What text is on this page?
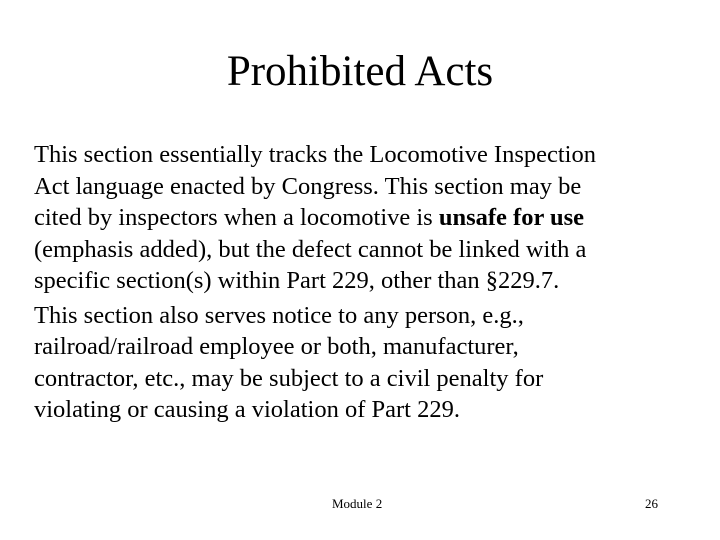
Prohibited Acts

This section essentially tracks the Locomotive Inspection
Act language enacted by Congress. This section may be
cited by inspectors when a locomotive is unsafe for use
(emphasis added), but the defect cannot be linked with a
specific section(s) within Part 229, other than §229.7.

This section also serves notice to any person, e.g.,
railroad/railroad employee or both, manufacturer,
contractor, etc., may be subject to a civil penalty for
violating or causing a violation of Part 229.

Module 2	26
